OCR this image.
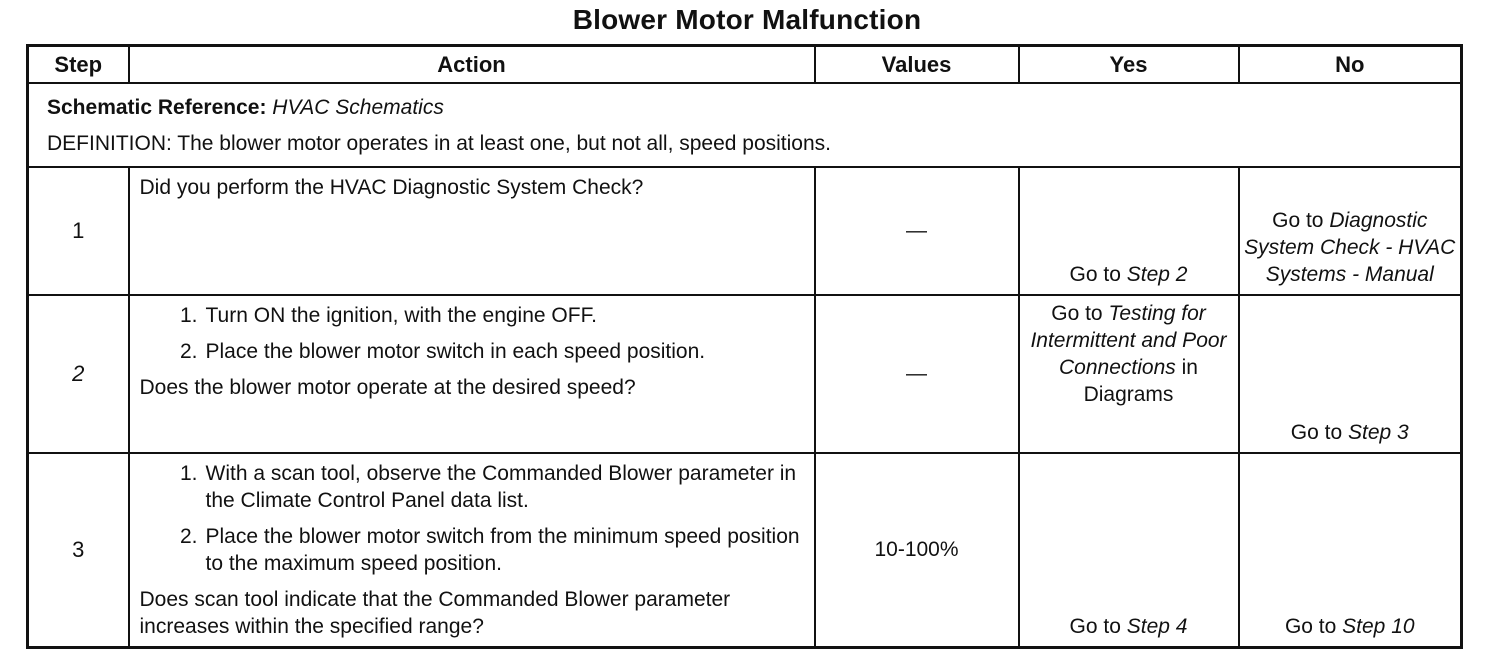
Blower Motor Malfunction
Step	Action	Values	Yes	No

Schematic Reference: HVAC Schematics
DEFINITION: The blower motor operates in at least one, but not all, speed positions.				

1	Did you perform the HVAC Diagnostic System Check?	—	Go to Step 2	Go to Diagnostic System Check - HVAC Systems - Manual
2	1. Turn ON the ignition, with the engine OFF.
2. Place the blower motor switch in each speed position.
Does the blower motor operate at the desired speed?	—	Go to Testing for Intermittent and Poor Connections in Diagrams	Go to Step 3
3	1. With a scan tool, observe the Commanded Blower parameter in the Climate Control Panel data list.
2. Place the blower motor switch from the minimum speed position to the maximum speed position.
Does scan tool indicate that the Commanded Blower parameter increases within the specified range?	10-100%	Go to Step 4	Go to Step 10
